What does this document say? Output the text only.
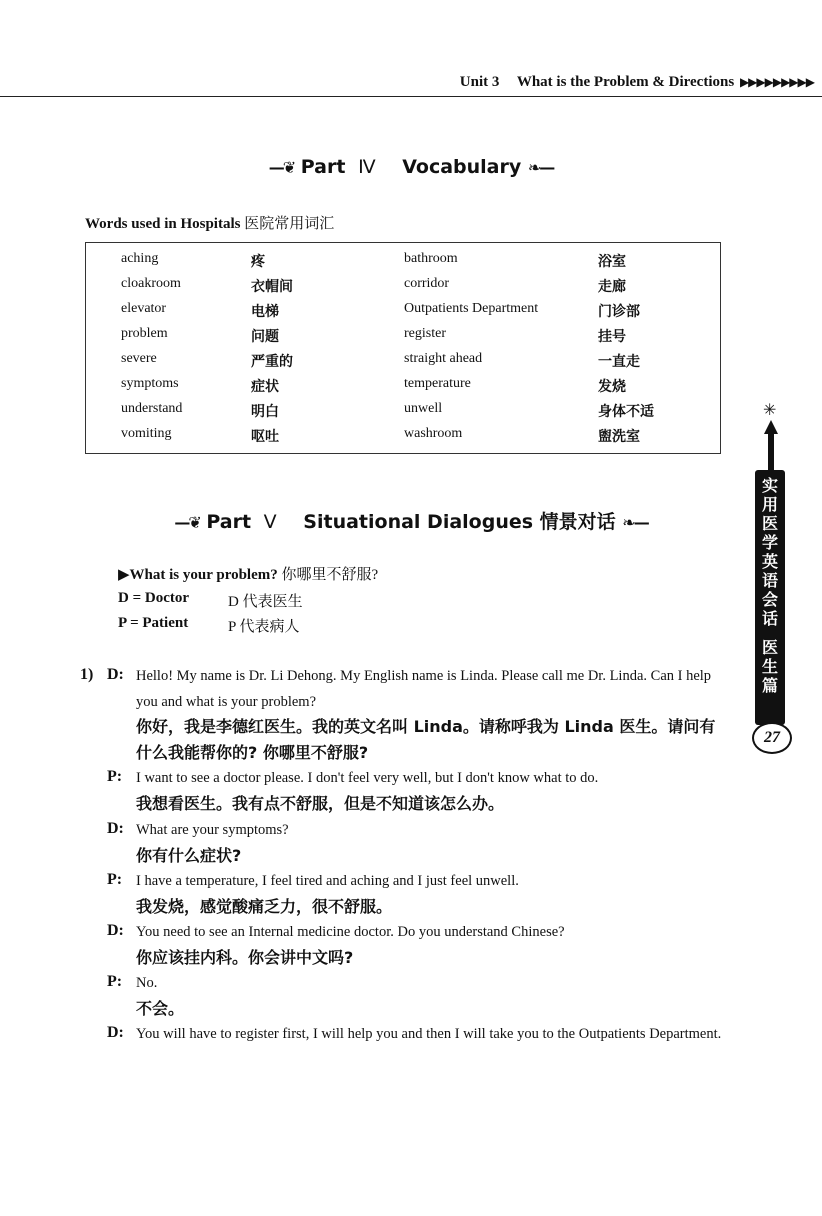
Unit 3 What is the Problem & Directions ▶▶▶▶▶▶▶▶▶
—❦ Part Ⅳ Vocabulary ❧—
Words used in Hospitals 医院常用词汇
aching	疼	bathroom	浴室
cloakroom	衣帽间	corridor	走廊
elevator	电梯	Outpatients Department	门诊部
problem	问题	register	挂号
severe	严重的	straight ahead	一直走
symptoms	症状	temperature	发烧
understand	明白	unwell	身体不适
vomiting	呕吐	washroom	盥洗室
✳
实
用
医
学
英
语
会
话
医
生
篇
27
—❦ Part Ⅴ Situational Dialogues 情景对话 ❧—
▶What is your problem? 你哪里不舒服?
D = Doctor	D 代表医生
P = Patient	P 代表病人
1) D: Hello! My name is Dr. Li Dehong. My English name is Linda. Please call me Dr. Linda. Can I help you and what is your problem?
你好，我是李德红医生。我的英文名叫 Linda。请称呼我为 Linda 医生。请问有什么我能帮你的? 你哪里不舒服?
P: I want to see a doctor please. I don't feel very well, but I don't know what to do.
我想看医生。我有点不舒服，但是不知道该怎么办。
D: What are your symptoms?
你有什么症状?
P: I have a temperature, I feel tired and aching and I just feel unwell.
我发烧，感觉酸痛乏力，很不舒服。
D: You need to see an Internal medicine doctor. Do you understand Chinese?
你应该挂内科。你会讲中文吗?
P: No.
不会。
D: You will have to register first, I will help you and then I will take you to the Outpatients Department.
